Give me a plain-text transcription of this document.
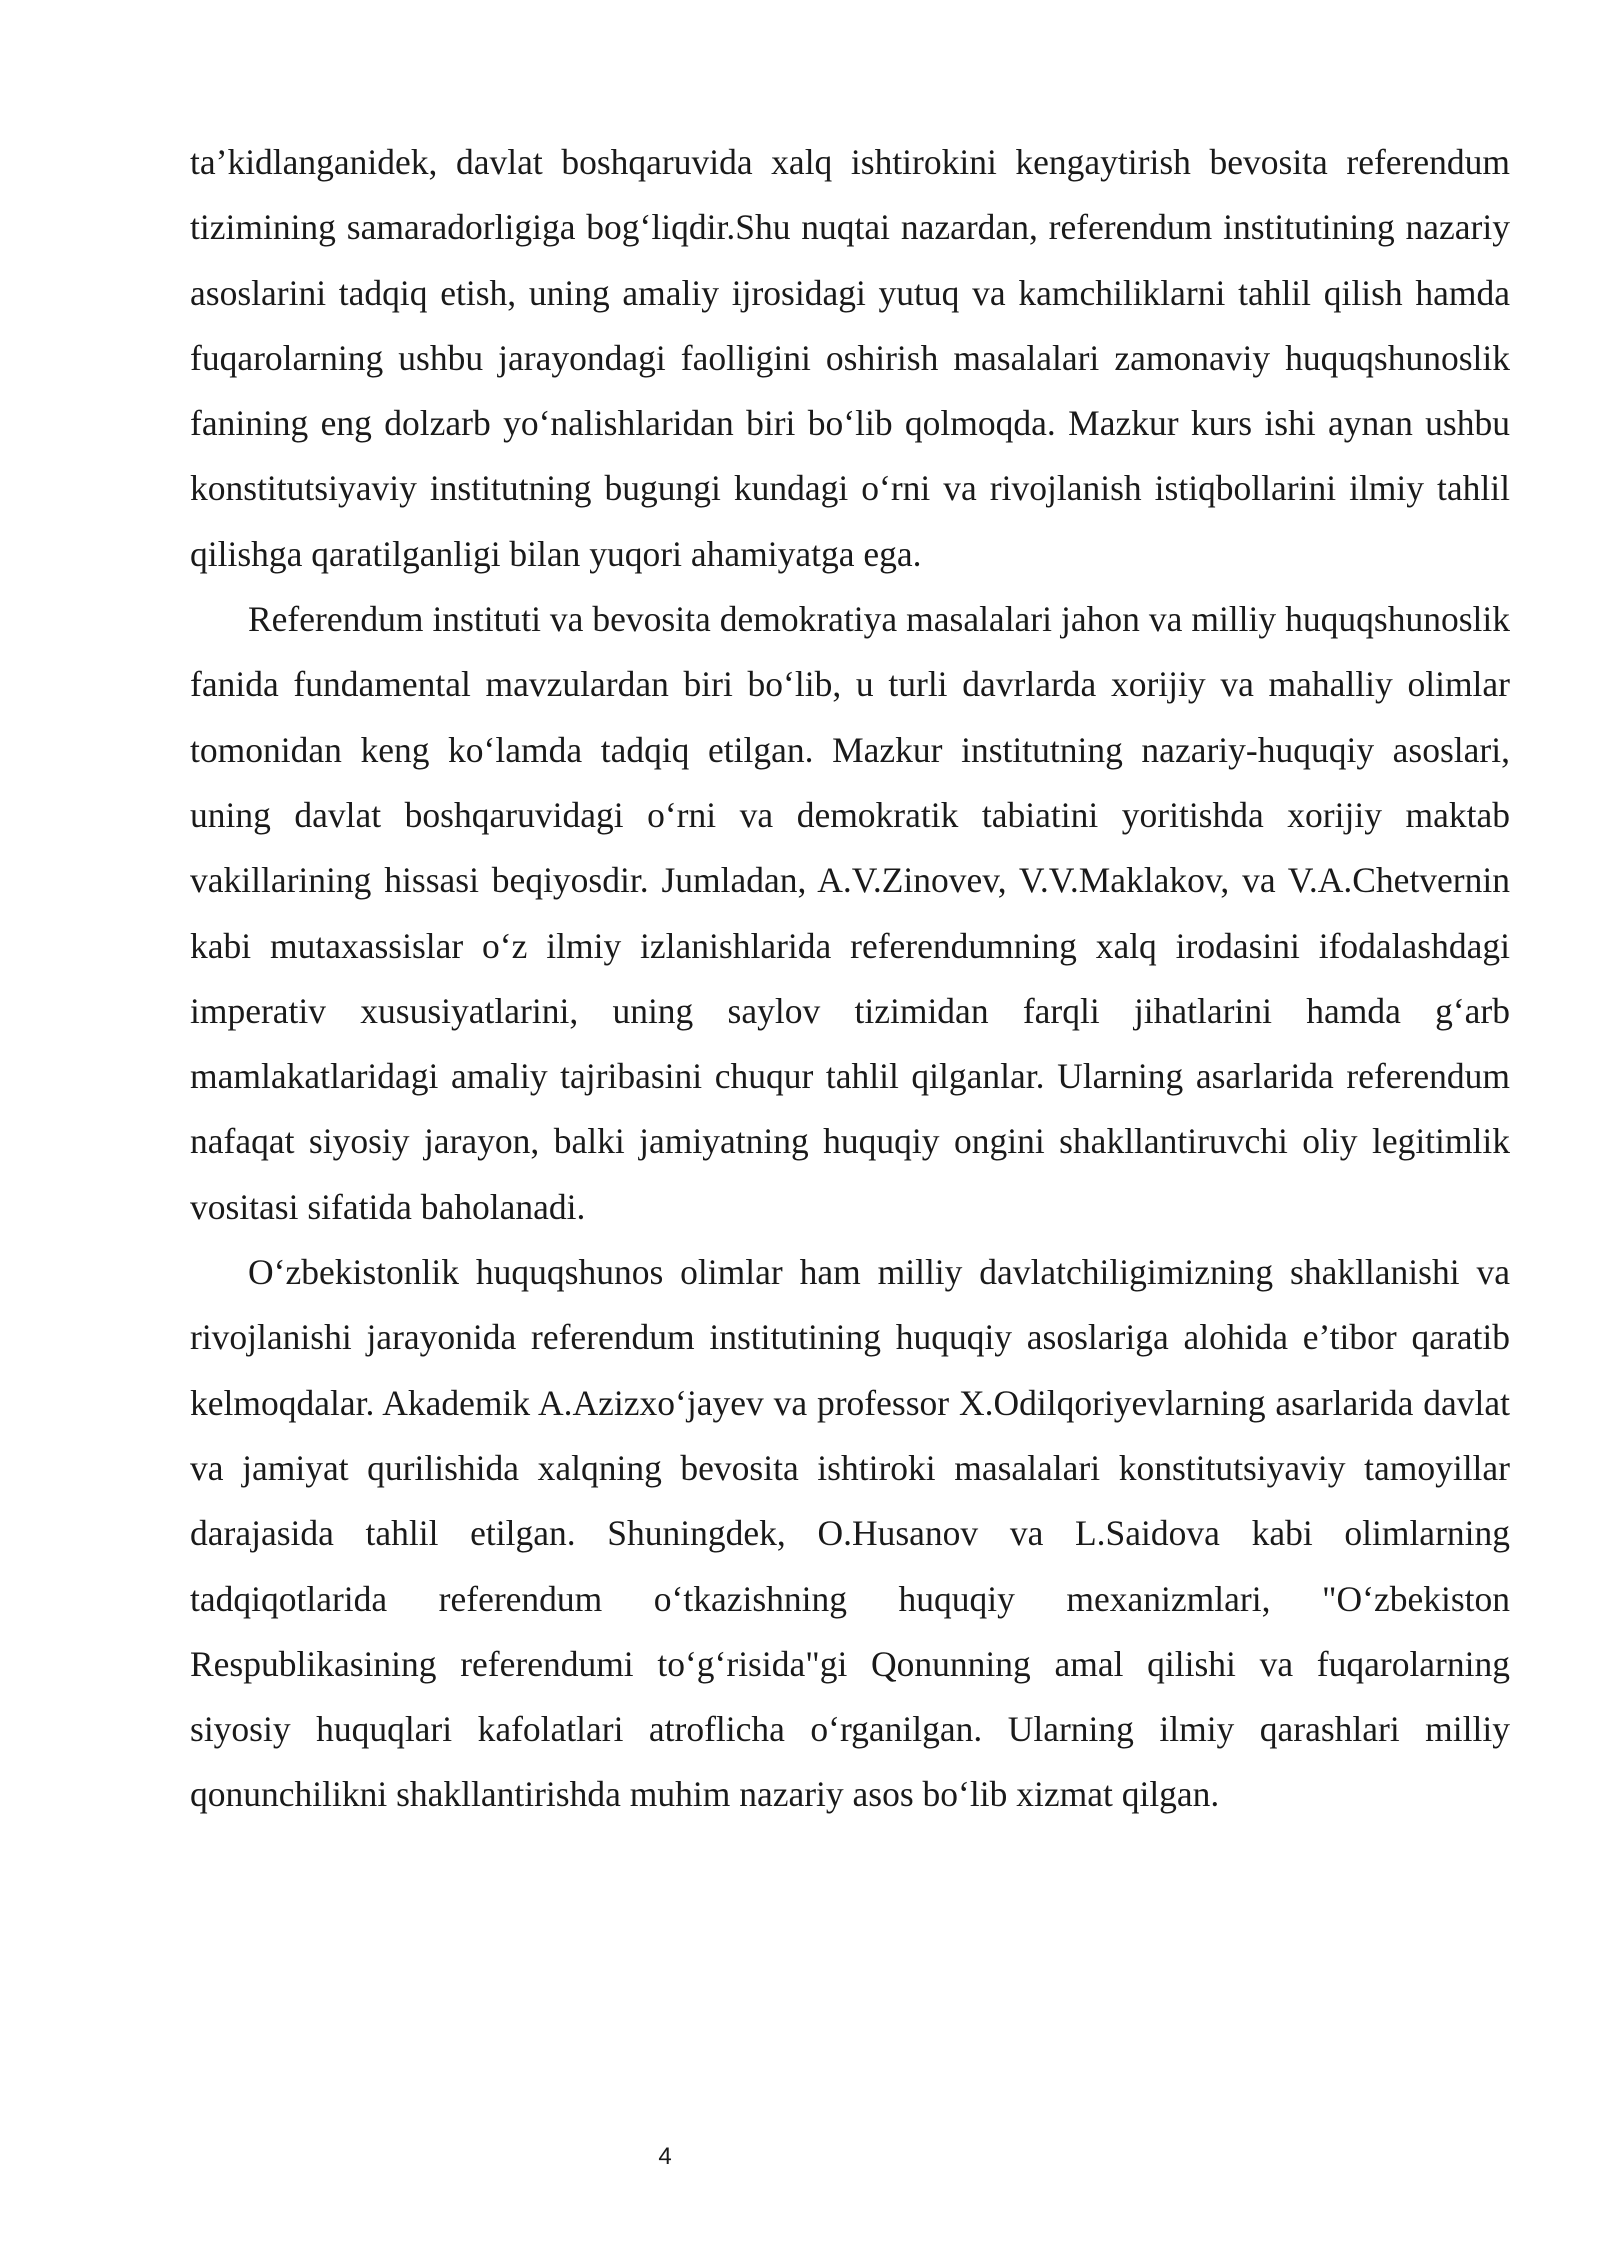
ta’kidlanganidek, davlat boshqaruvida xalq ishtirokini kengaytirish bevosita referendum tizimining samaradorligiga bog‘liqdir.Shu nuqtai nazardan, referendum institutining nazariy asoslarini tadqiq etish, uning amaliy ijrosidagi yutuq va kamchiliklarni tahlil qilish hamda fuqarolarning ushbu jarayondagi faolligini oshirish masalalari zamonaviy huquqshunoslik fanining eng dolzarb yo‘nalishlaridan biri bo‘lib qolmoqda. Mazkur kurs ishi aynan ushbu konstitutsiyaviy institutning bugungi kundagi o‘rni va rivojlanish istiqbollarini ilmiy tahlil qilishga qaratilganligi bilan yuqori ahamiyatga ega.

Referendum instituti va bevosita demokratiya masalalari jahon va milliy huquqshunoslik fanida fundamental mavzulardan biri bo‘lib, u turli davrlarda xorijiy va mahalliy olimlar tomonidan keng ko‘lamda tadqiq etilgan. Mazkur institutning nazariy-huquqiy asoslari, uning davlat boshqaruvidagi o‘rni va demokratik tabiatini yoritishda xorijiy maktab vakillarining hissasi beqiyosdir. Jumladan, A.V.Zinovev, V.V.Maklakov, va V.A.Chetvernin kabi mutaxassislar o‘z ilmiy izlanishlarida referendumning xalq irodasini ifodalashdagi imperativ xususiyatlarini, uning saylov tizimidan farqli jihatlarini hamda g‘arb mamlakatlaridagi amaliy tajribasini chuqur tahlil qilganlar. Ularning asarlarida referendum nafaqat siyosiy jarayon, balki jamiyatning huquqiy ongini shakllantiruvchi oliy legitimlik vositasi sifatida baholanadi.

O‘zbekistonlik huquqshunos olimlar ham milliy davlatchiligimizning shakllanishi va rivojlanishi jarayonida referendum institutining huquqiy asoslariga alohida e’tibor qaratib kelmoqdalar. Akademik A.Azizxo‘jayev va professor X.Odilqoriyevlarning asarlarida davlat va jamiyat qurilishida xalqning bevosita ishtiroki masalalari konstitutsiyaviy tamoyillar darajasida tahlil etilgan. Shuningdek, O.Husanov va L.Saidova kabi olimlarning tadqiqotlarida referendum o‘tkazishning huquqiy mexanizmlari, "O‘zbekiston Respublikasining referendumi to‘g‘risida"gi Qonunning amal qilishi va fuqarolarning siyosiy huquqlari kafolatlari atroflicha o‘rganilgan. Ularning ilmiy qarashlari milliy qonunchilikni shakllantirishda muhim nazariy asos bo‘lib xizmat qilgan.

4
